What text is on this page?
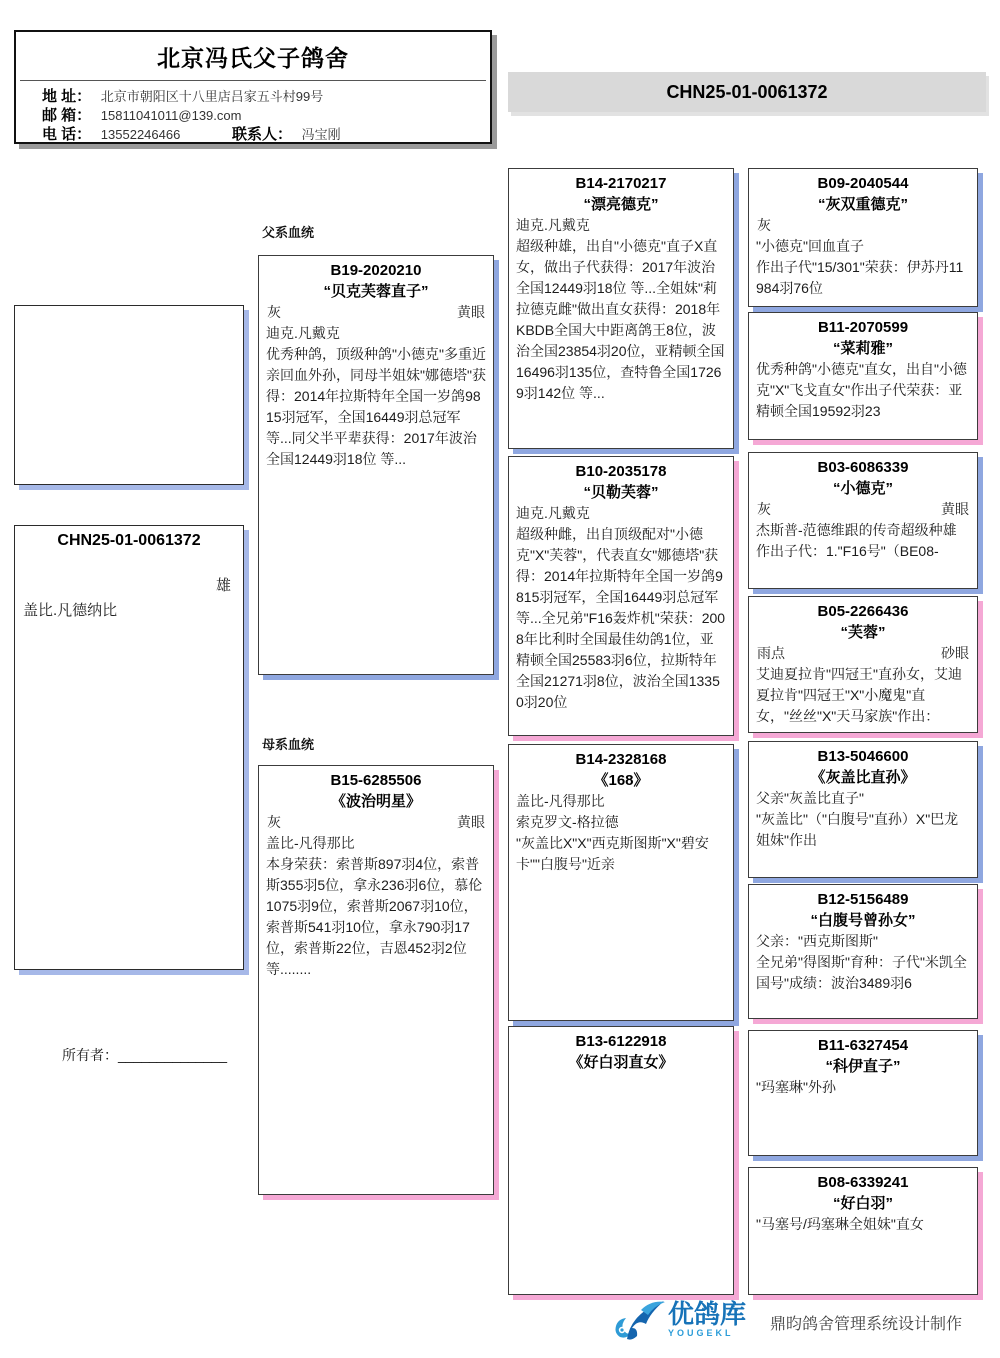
北京冯氏父子鸽舍
地 址： 北京市朝阳区十八里店吕家五斗村99号
邮 箱： 15811041011@139.com
电 话： 13552246466	联系人： 冯宝刚
CHN25-01-0061372
CHN25-01-0061372
雄
盖比.凡德纳比
所有者：______________
父系血统
母系血统
B19-2020210
“贝克芙蓉直子”
灰	黄眼

迪克.凡戴克

优秀种鸽，顶级种鸽"小德克"多重近亲回血外孙，同母半姐妹"娜德塔"获得：2014年拉斯特年全国一岁鸽9815羽冠军，全国16449羽总冠军 等...同父半平辈获得：2017年波治全国12449羽18位 等...

B15-6285506
《波治明星》
灰	黄眼

盖比-凡得那比

本身荣获：索普斯897羽4位，索普斯355羽5位，拿永236羽6位，慕伦1075羽9位，索普斯2067羽10位，索普斯541羽10位，拿永790羽17位，索普斯22位，吉恩452羽2位等........

B14-2170217
“漂亮德克”

迪克.凡戴克

超级种雄，出自"小德克"直子X直女，做出子代获得：2017年波治全国12449羽18位 等...全姐妹"莉拉德克雌"做出直女获得：2018年KBDB全国大中距离鸽王8位，波治全国23854羽20位，亚精顿全国16496羽135位，查特鲁全国17269羽142位 等...

B10-2035178
“贝勒芙蓉”

迪克.凡戴克

超级种雌，出自顶级配对"小德克"X"芙蓉"，代表直女"娜德塔"获得：2014年拉斯特年全国一岁鸽9815羽冠军，全国16449羽总冠军 等...全兄弟"F16轰炸机"荣获：2008年比利时全国最佳幼鸽1位，亚精顿全国25583羽6位，拉斯特年全国21271羽8位，波治全国13350羽20位

B14-2328168
《168》

盖比-凡得那比

索克罗文-格拉德

"灰盖比X"X"西克斯图斯"X"碧安卡""白腹号"近亲

B13-6122918
《好白羽直女》
B09-2040544
“灰双重德克”
灰

"小德克"回血直子

作出子代"15/301"荣获：伊苏丹11984羽76位

B11-2070599
“菜莉雅”

优秀种鸽"小德克"直女，出自"小德克"X"飞戈直女"作出子代荣获：亚精顿全国19592羽23

B03-6086339
“小德克”
灰	黄眼

杰斯普-范德维跟的传奇超级种雄

作出子代：1."F16号"（BE08-

B05-2266436
“芙蓉”
雨点	砂眼

艾迪夏拉肯"四冠王"直孙女，艾迪夏拉肯"四冠王"X"小魔鬼"直女，"丝丝"X"天马家族"作出：

B13-5046600
《灰盖比直孙》

父亲"灰盖比直子"

"灰盖比"（"白腹号"直孙）X"巴龙姐妹"作出

B12-5156489
“白腹号曾孙女”

父亲："西克斯图斯"

全兄弟"得图斯"育种：子代"米凯全国号"成绩：波治3489羽6

B11-6327454
“科伊直子”

"玛塞琳"外孙

B08-6339241
“好白羽”

"马塞号/玛塞琳全姐妹"直女

优鸽库
YOUGEKL	鼎昀鸽舍管理系统设计制作
